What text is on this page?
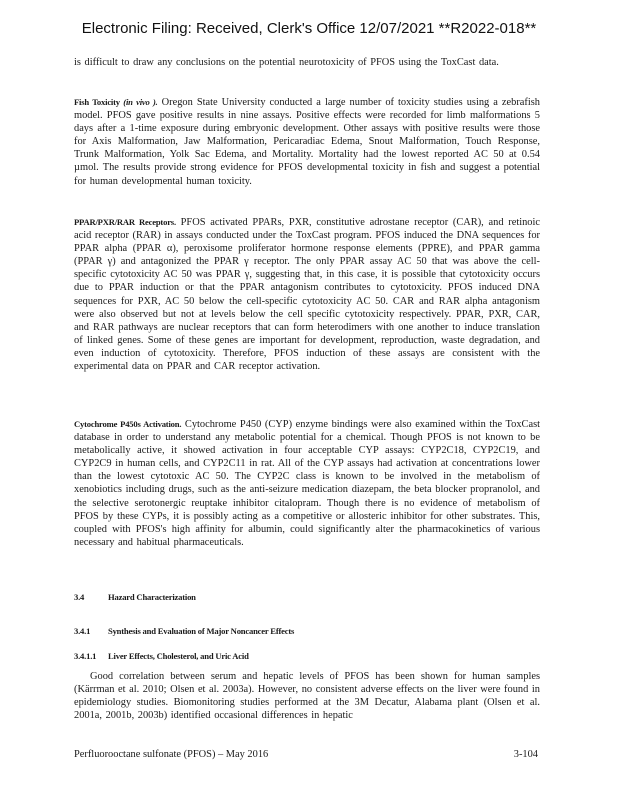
Electronic Filing: Received, Clerk's Office 12/07/2021 **R2022-018**

is difficult to draw any conclusions on the potential neurotoxicity of PFOS using the ToxCast data.

Fish Toxicity (in vivo ). Oregon State University conducted a large number of toxicity studies using a zebrafish model. PFOS gave positive results in nine assays. Positive effects were recorded for limb malformations 5 days after a 1-time exposure during embryonic development. Other assays with positive results were those for Axis Malformation, Jaw Malformation, Pericaradiac Edema, Snout Malformation, Touch Response, Trunk Malformation, Yolk Sac Edema, and Mortality. Mortality had the lowest reported AC 50 at 0.54 µmol. The results provide strong evidence for PFOS developmental toxicity in fish and suggest a potential for human developmental human toxicity.

PPAR/PXR/RAR Receptors. PFOS activated PPARs, PXR, constitutive adrostane receptor (CAR), and retinoic acid receptor (RAR) in assays conducted under the ToxCast program. PFOS induced the DNA sequences for PPAR alpha (PPAR α), peroxisome proliferator hormone response elements (PPRE), and PPAR gamma (PPAR γ) and antagonized the PPAR γ receptor. The only PPAR assay AC 50 that was above the cell-specific cytotoxicity AC 50 was PPAR γ, suggesting that, in this case, it is possible that cytotoxicity occurs due to PPAR induction or that the PPAR antagonism contributes to cytotoxicity. PFOS induced DNA sequences for PXR, AC 50 below the cell-specific cytotoxicity AC 50. CAR and RAR alpha antagonism were also observed but not at levels below the cell specific cytotoxicity respectively. PPAR, PXR, CAR, and RAR pathways are nuclear receptors that can form heterodimers with one another to induce translation of linked genes. Some of these genes are important for development, reproduction, waste degradation, and even induction of cytotoxicity. Therefore, PFOS induction of these assays are consistent with the experimental data on PPAR and CAR receptor activation.

Cytochrome P450s Activation. Cytochrome P450 (CYP) enzyme bindings were also examined within the ToxCast database in order to understand any metabolic potential for a chemical. Though PFOS is not known to be metabolically active, it showed activation in four acceptable CYP assays: CYP2C18, CYP2C19, and CYP2C9 in human cells, and CYP2C11 in rat. All of the CYP assays had activation at concentrations lower than the lowest cytotoxic AC 50. The CYP2C class is known to be involved in the metabolism of xenobiotics including drugs, such as the anti-seizure medication diazepam, the beta blocker propranolol, and the selective serotonergic reuptake inhibitor citalopram. Though there is no evidence of metabolism of PFOS by these CYPs, it is possibly acting as a competitive or allosteric inhibitor for other substrates. This, coupled with PFOS's high affinity for albumin, could significantly alter the pharmacokinetics of various necessary and habitual pharmaceuticals.

3.4	Hazard Characterization
3.4.1 Synthesis and Evaluation of Major Noncancer Effects
3.4.1.1 Liver Effects, Cholesterol, and Uric Acid

Good correlation between serum and hepatic levels of PFOS has been shown for human samples (Kärrman et al. 2010; Olsen et al. 2003a). However, no consistent adverse effects on the liver were found in epidemiology studies. Biomonitoring studies performed at the 3M Decatur, Alabama plant (Olsen et al. 2001a, 2001b, 2003b) identified occasional differences in hepatic

Perfluorooctane sulfonate (PFOS) – May 2016	3-104
